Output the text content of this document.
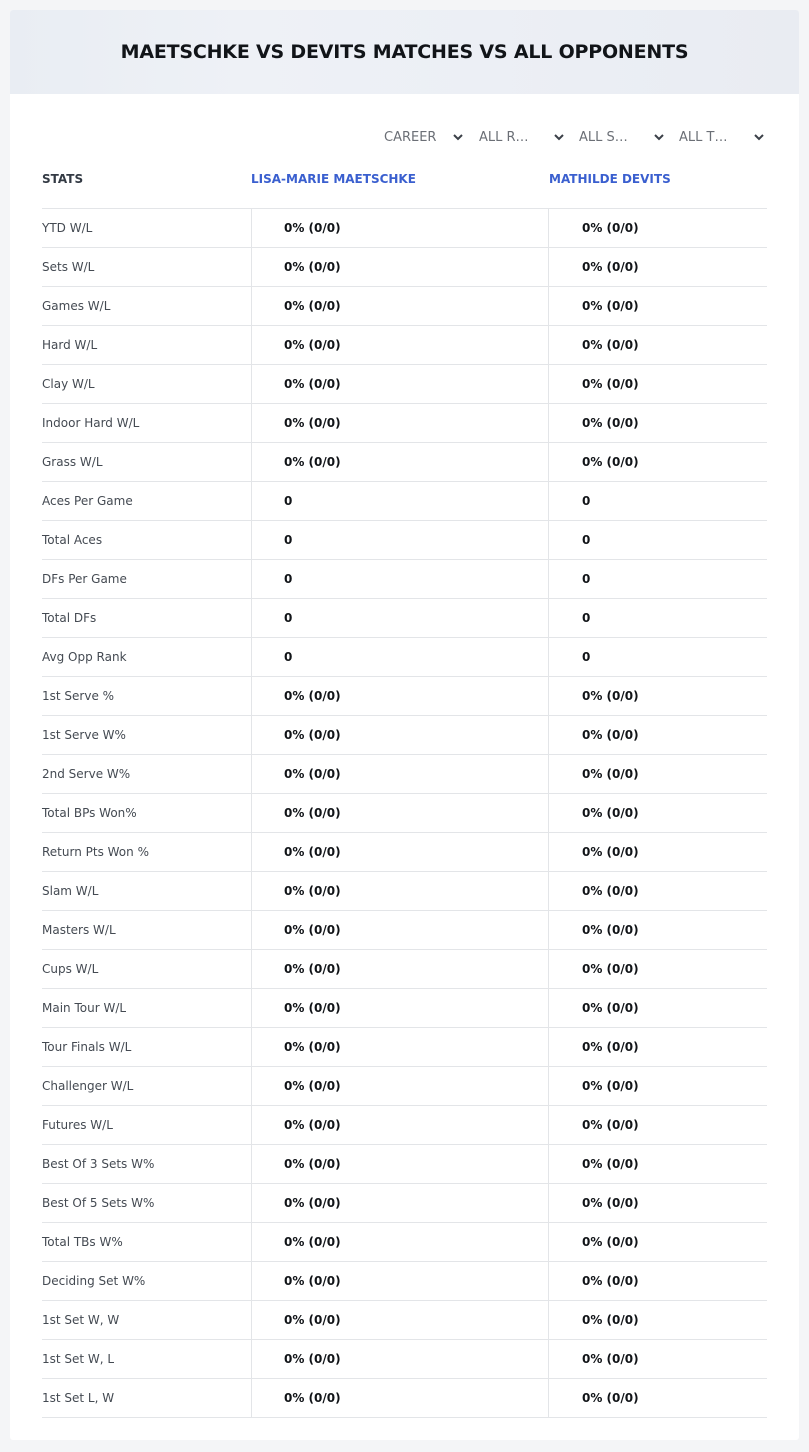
MAETSCHKE VS DEVITS MATCHES VS ALL OPPONENTS
CAREER	ALL R…	ALL S…	ALL T…
STATS	LISA-MARIE MAETSCHKE	MATHILDE DEVITS
YTD W/L	0% (0/0)	0% (0/0)
Sets W/L	0% (0/0)	0% (0/0)
Games W/L	0% (0/0)	0% (0/0)
Hard W/L	0% (0/0)	0% (0/0)
Clay W/L	0% (0/0)	0% (0/0)
Indoor Hard W/L	0% (0/0)	0% (0/0)
Grass W/L	0% (0/0)	0% (0/0)
Aces Per Game	0	0
Total Aces	0	0
DFs Per Game	0	0
Total DFs	0	0
Avg Opp Rank	0	0
1st Serve %	0% (0/0)	0% (0/0)
1st Serve W%	0% (0/0)	0% (0/0)
2nd Serve W%	0% (0/0)	0% (0/0)
Total BPs Won%	0% (0/0)	0% (0/0)
Return Pts Won %	0% (0/0)	0% (0/0)
Slam W/L	0% (0/0)	0% (0/0)
Masters W/L	0% (0/0)	0% (0/0)
Cups W/L	0% (0/0)	0% (0/0)
Main Tour W/L	0% (0/0)	0% (0/0)
Tour Finals W/L	0% (0/0)	0% (0/0)
Challenger W/L	0% (0/0)	0% (0/0)
Futures W/L	0% (0/0)	0% (0/0)
Best Of 3 Sets W%	0% (0/0)	0% (0/0)
Best Of 5 Sets W%	0% (0/0)	0% (0/0)
Total TBs W%	0% (0/0)	0% (0/0)
Deciding Set W%	0% (0/0)	0% (0/0)
1st Set W, W	0% (0/0)	0% (0/0)
1st Set W, L	0% (0/0)	0% (0/0)
1st Set L, W	0% (0/0)	0% (0/0)
